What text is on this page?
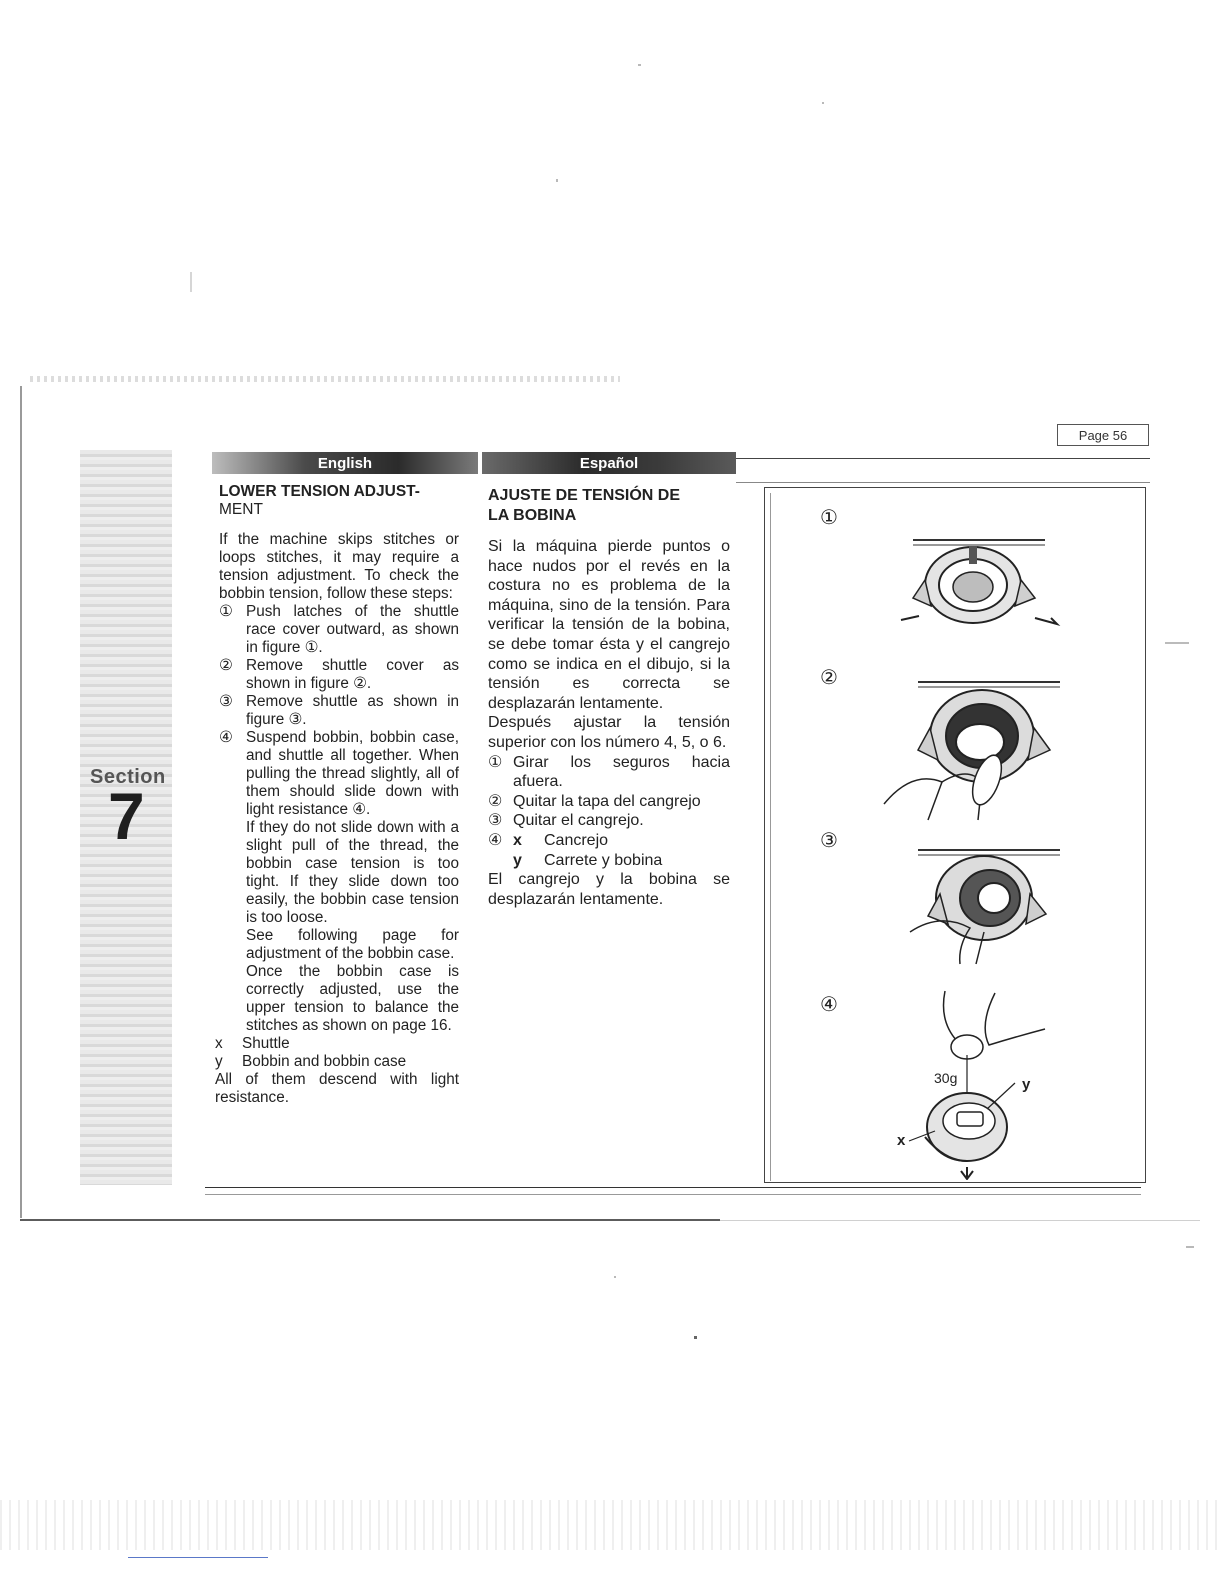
Section
7
Page 56
English	Español
LOWER TENSION ADJUST-
MENT
If the machine skips stitches or loops stitches, it may require a tension adjustment. To check the bobbin tension, follow these steps:
① Push latches of the shuttle race cover outward, as shown in figure ①.
② Remove shuttle cover as shown in figure ②.
③ Remove shuttle as shown in figure ③.
④ Suspend bobbin, bobbin case, and shuttle all together. When pulling the thread slightly, all of them should slide down with light resistance ④.
If they do not slide down with a slight pull of the thread, the bobbin case tension is too tight. If they slide down too easily, the bobbin case tension is too loose.
See following page for adjustment of the bobbin case.
Once the bobbin case is correctly adjusted, use the upper tension to balance the stitches as shown on page 16.
x Shuttle
y Bobbin and bobbin case
All of them descend with light resistance.
AJUSTE DE TENSIÓN DE
LA BOBINA
Si la máquina pierde puntos o hace nudos por el revés en la costura no es problema de la máquina, sino de la tensión. Para verificar la tensión de la bobina, se debe tomar ésta y el cangrejo como se indica en el dibujo, si la tensión es correcta se desplazarán lentamente.
Después ajustar la tensión superior con los número 4, 5, o 6.
① Girar los seguros hacia afuera.
② Quitar la tapa del cangrejo
③ Quitar el cangrejo.
④ x Cancrejo
y Carrete y bobina
El cangrejo y la bobina se desplazarán lentamente.
①
②
③
④
30g	y
x
